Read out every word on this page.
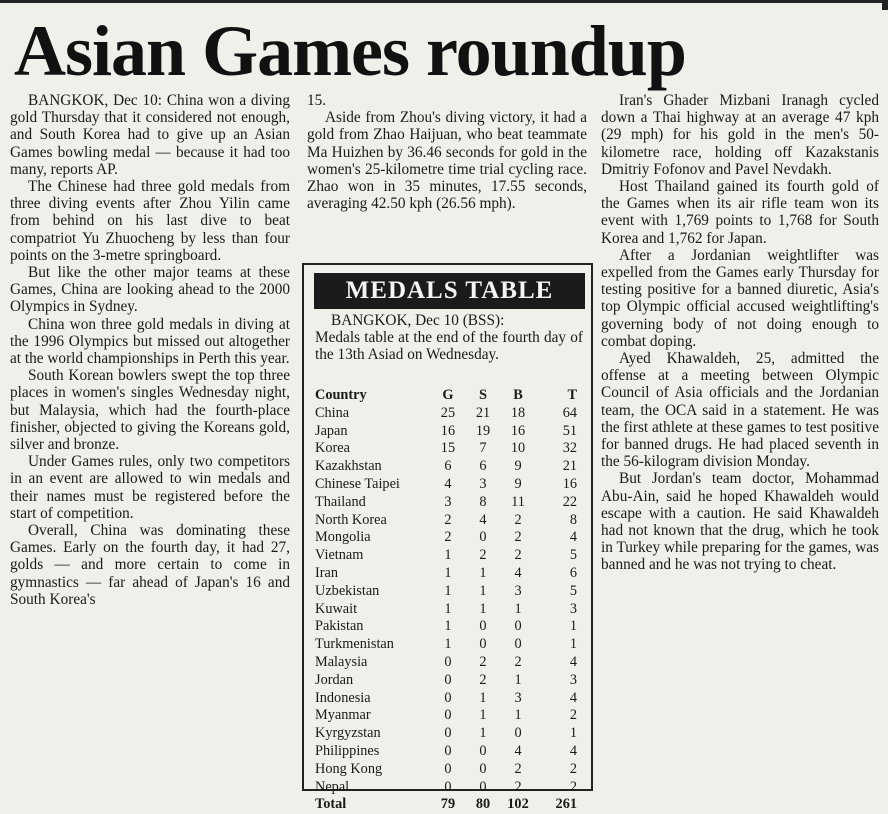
Asian Games roundup

BANGKOK, Dec 10: China won a diving gold Thursday that it considered not enough, and South Korea had to give up an Asian Games bowling medal — because it had too many, reports AP.

The Chinese had three gold medals from three diving events after Zhou Yilin came from behind on his last dive to beat compatriot Yu Zhuocheng by less than four points on the 3-metre springboard.

But like the other major teams at these Games, China are looking ahead to the 2000 Olympics in Sydney.

China won three gold medals in diving at the 1996 Olympics but missed out altogether at the world championships in Perth this year.

South Korean bowlers swept the top three places in women's singles Wednesday night, but Malaysia, which had the fourth-place finisher, objected to giving the Koreans gold, silver and bronze.

Under Games rules, only two competitors in an event are allowed to win medals and their names must be registered before the start of competition.

Overall, China was dominating these Games. Early on the fourth day, it had 27, golds — and more certain to come in gymnastics — far ahead of Japan's 16 and South Korea's

15.

Aside from Zhou's diving victory, it had a gold from Zhao Haijuan, who beat teammate Ma Huizhen by 36.46 seconds for gold in the women's 25-kilometre time trial cycling race. Zhao won in 35 minutes, 17.55 seconds, averaging 42.50 kph (26.56 mph).

MEDALS TABLE
BANGKOK, Dec 10 (BSS):
Medals table at the end of the fourth day of the 13th Asiad on Wednesday.
Country	G	S	B	T
China	25	21	18	64
Japan	16	19	16	51
Korea	15	7	10	32
Kazakhstan	6	6	9	21
Chinese Taipei	4	3	9	16
Thailand	3	8	11	22
North Korea	2	4	2	8
Mongolia	2	0	2	4
Vietnam	1	2	2	5
Iran	1	1	4	6
Uzbekistan	1	1	3	5
Kuwait	1	1	1	3
Pakistan	1	0	0	1
Turkmenistan	1	0	0	1
Malaysia	0	2	2	4
Jordan	0	2	1	3
Indonesia	0	1	3	4
Myanmar	0	1	1	2
Kyrgyzstan	0	1	0	1
Philippines	0	0	4	4
Hong Kong	0	0	2	2
Nepal	0	0	2	2
Total	79	80	102	261

Iran's Ghader Mizbani Iranagh cycled down a Thai highway at an average 47 kph (29 mph) for his gold in the men's 50-kilometre race, holding off Kazakstanis Dmitriy Fofonov and Pavel Nevdakh.

Host Thailand gained its fourth gold of the Games when its air rifle team won its event with 1,769 points to 1,768 for South Korea and 1,762 for Japan.

After a Jordanian weightlifter was expelled from the Games early Thursday for testing positive for a banned diuretic, Asia's top Olympic official accused weightlifting's governing body of not doing enough to combat doping.

Ayed Khawaldeh, 25, admitted the offense at a meeting between Olympic Council of Asia officials and the Jordanian team, the OCA said in a statement. He was the first athlete at these games to test positive for banned drugs. He had placed seventh in the 56-kilogram division Monday.

But Jordan's team doctor, Mohammad Abu-Ain, said he hoped Khawaldeh would escape with a caution. He said Khawaldeh had not known that the drug, which he took in Turkey while preparing for the games, was banned and he was not trying to cheat.
